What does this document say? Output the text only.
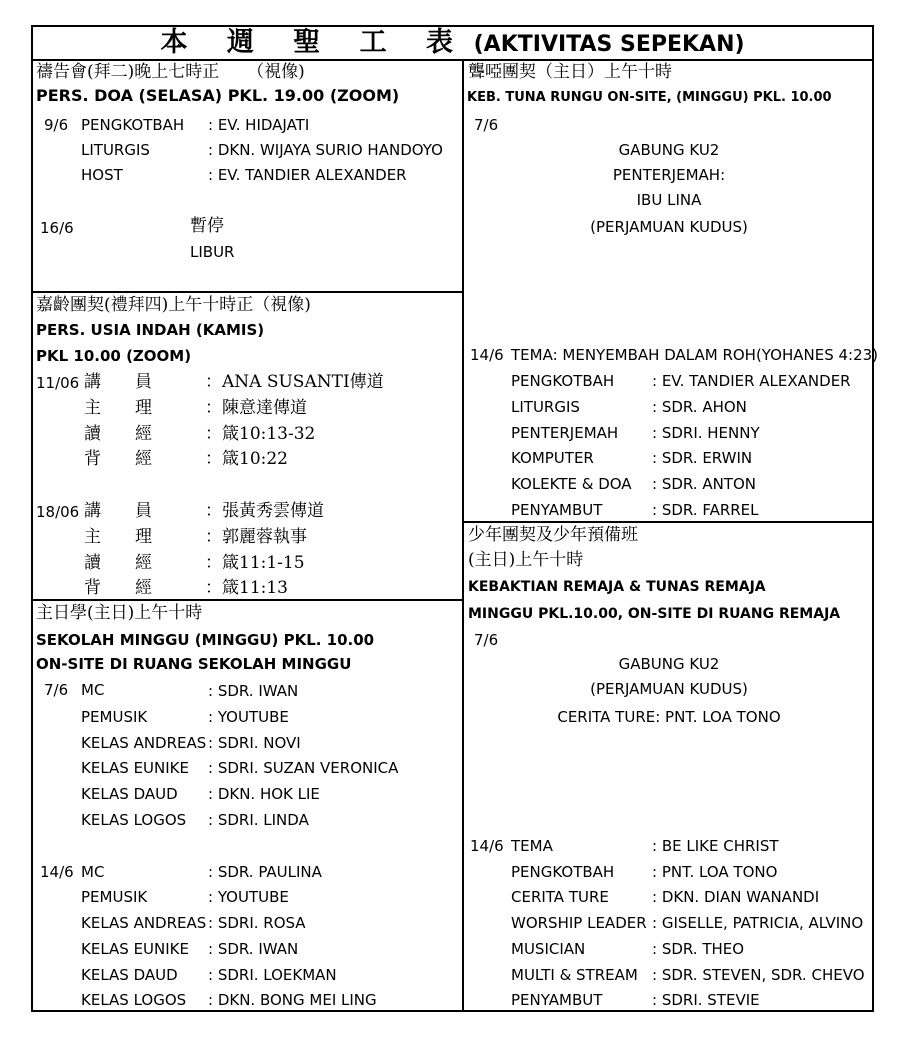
本 週 聖 工 表 (AKTIVITAS SEPEKAN)
禱告會(拜二)晚上七時正 　 （視像)
PERS. DOA (SELASA) PKL. 19.00 (ZOOM)
9/6 PENGKOTBAH : EV. HIDAJATI
LITURGIS	: DKN. WIJAYA SURIO HANDOYO
HOST	: EV. TANDIER ALEXANDER
16/6	暫停
LIBUR
嘉齡團契(禮拜四)上午十時正（視像)
PERS. USIA INDAH (KAMIS)
PKL 10.00 (ZOOM)
11/06 講　　員	：ANA SUSANTI傳道
主　　理	：陳意達傳道
讀　　經	：箴10:13-32
背　　經	：箴10:22
18/06 講　　員	：張黃秀雲傳道
主　　理	：郭麗蓉執事
讀　　經	：箴11:1-15
背　　經	：箴11:13
主日學(主日)上午十時
SEKOLAH MINGGU (MINGGU) PKL. 10.00
ON-SITE DI RUANG SEKOLAH MINGGU
7/6 MC	: SDR. IWAN
PEMUSIK	: YOUTUBE
KELAS ANDREAS : SDRI. NOVI
KELAS EUNIKE : SDRI. SUZAN VERONICA
KELAS DAUD : DKN. HOK LIE
KELAS LOGOS : SDRI. LINDA
14/6 MC	: SDR. PAULINA
PEMUSIK	: YOUTUBE
KELAS ANDREAS : SDRI. ROSA
KELAS EUNIKE : SDR. IWAN
KELAS DAUD : SDRI. LOEKMAN
KELAS LOGOS : DKN. BONG MEI LING
聾啞團契（主日）上午十時
KEB. TUNA RUNGU ON-SITE, (MINGGU) PKL. 10.00
7/6
GABUNG KU2
PENTERJEMAH:
IBU LINA
(PERJAMUAN KUDUS)
14/6 TEMA: MENYEMBAH DALAM ROH(YOHANES 4:23)
PENGKOTBAH	: EV. TANDIER ALEXANDER
LITURGIS	: SDR. AHON
PENTERJEMAH : SDRI. HENNY
KOMPUTER	: SDR. ERWIN
KOLEKTE & DOA : SDR. ANTON
PENYAMBUT	: SDR. FARREL
少年團契及少年預備班
(主日)上午十時
KEBAKTIAN REMAJA & TUNAS REMAJA
MINGGU PKL.10.00, ON-SITE DI RUANG REMAJA
7/6
GABUNG KU2
(PERJAMUAN KUDUS)
CERITA TURE: PNT. LOA TONO
14/6 TEMA	: BE LIKE CHRIST
PENGKOTBAH	: PNT. LOA TONO
CERITA TURE	: DKN. DIAN WANANDI
WORSHIP LEADER : GISELLE, PATRICIA, ALVINO
MUSICIAN	: SDR. THEO
MULTI & STREAM : SDR. STEVEN, SDR. CHEVO
PENYAMBUT	: SDRI. STEVIE
